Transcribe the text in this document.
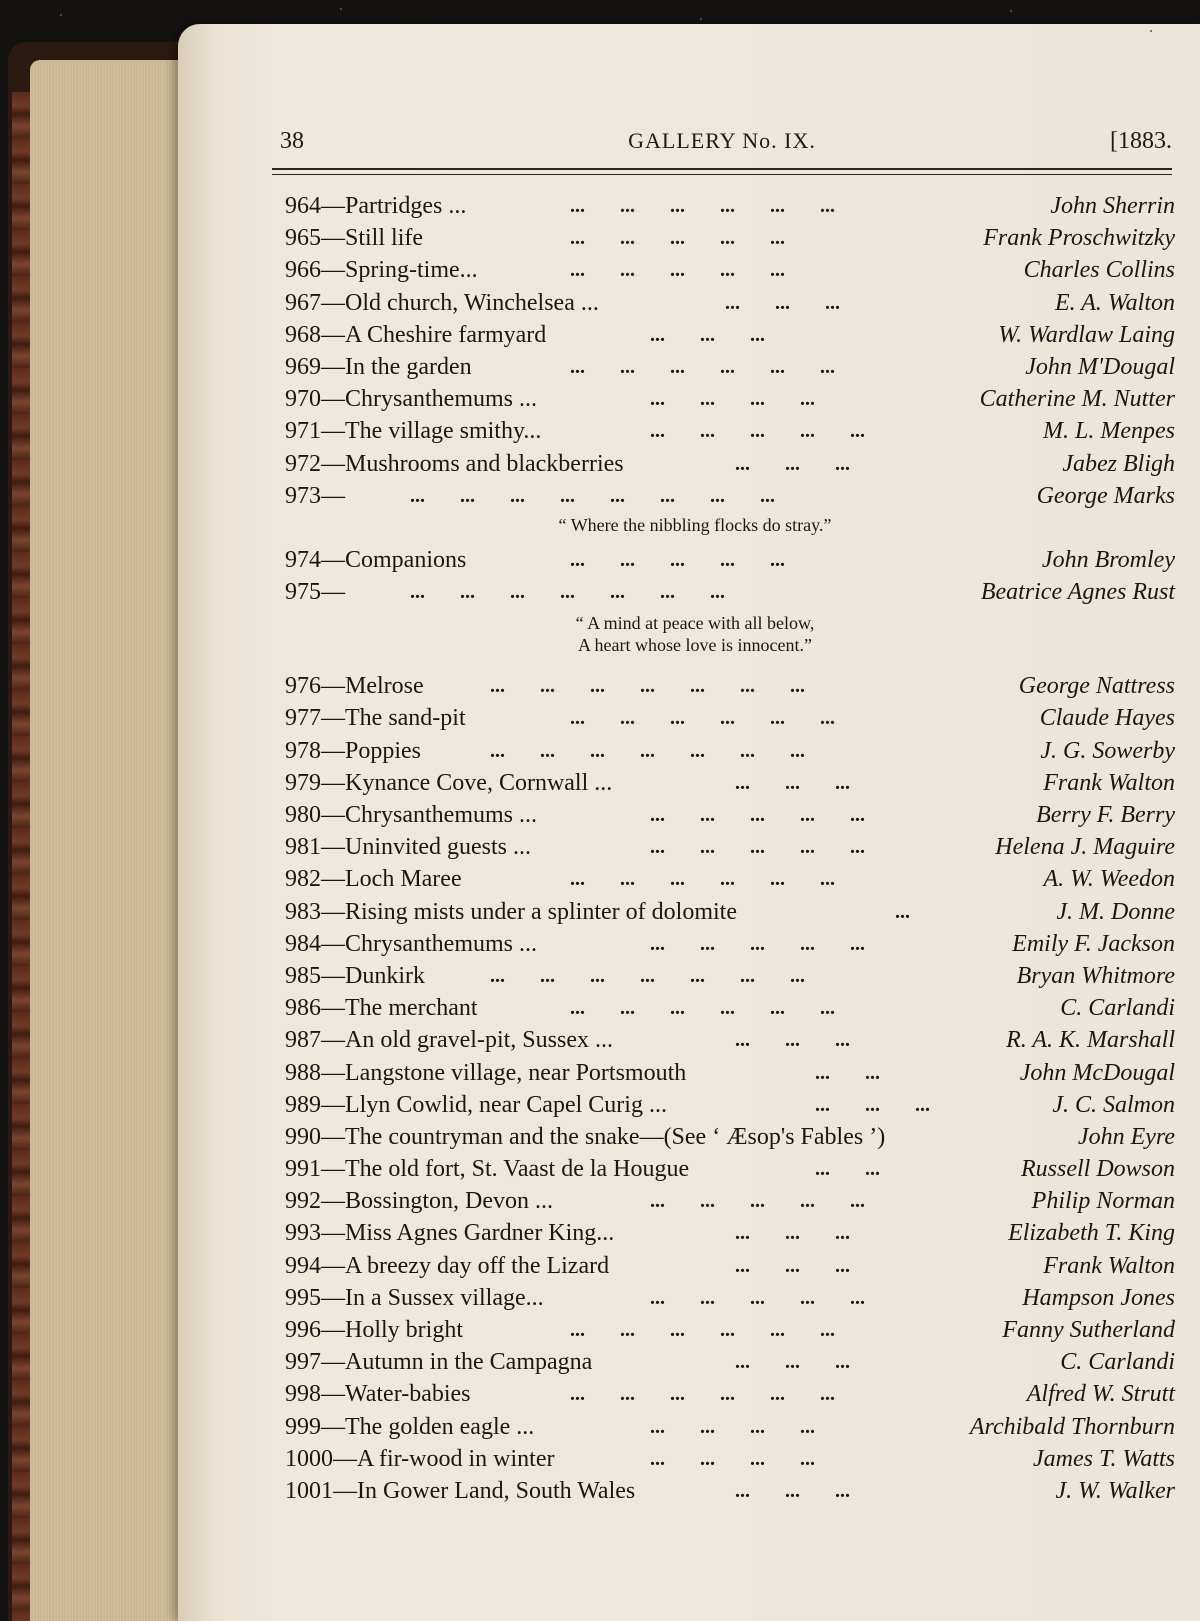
38	GALLERY No. IX.	[1883.
964—Partridges ...	...       ...       ...       ...       ...       ...	John Sherrin
965—Still life	...       ...       ...       ...       ...	Frank Proschwitzky
966—Spring-time...	...       ...       ...       ...       ...	Charles Collins
967—Old church, Winchelsea ...	...       ...       ...	E. A. Walton
968—A Cheshire farmyard	...       ...       ...	W. Wardlaw Laing
969—In the garden	...       ...       ...       ...       ...       ...	John M'Dougal
970—Chrysanthemums ...	...       ...       ...       ...	Catherine M. Nutter
971—The village smithy...	...       ...       ...       ...       ...	M. L. Menpes
972—Mushrooms and blackberries	...       ...       ...	Jabez Bligh
973—	...       ...       ...       ...       ...       ...       ...       ...	George Marks
“ Where the nibbling flocks do stray.”
974—Companions	...       ...       ...       ...       ...	John Bromley
975—	...       ...       ...       ...       ...       ...       ...	Beatrice Agnes Rust
“ A mind at peace with all below,
A heart whose love is innocent.”
976—Melrose	...       ...       ...       ...       ...       ...       ...	George Nattress
977—The sand-pit	...       ...       ...       ...       ...       ...	Claude Hayes
978—Poppies	...       ...       ...       ...       ...       ...       ...	J. G. Sowerby
979—Kynance Cove, Cornwall ...	...       ...       ...	Frank Walton
980—Chrysanthemums ...	...       ...       ...       ...       ...	Berry F. Berry
981—Uninvited guests ...	...       ...       ...       ...       ...	Helena J. Maguire
982—Loch Maree	...       ...       ...       ...       ...       ...	A. W. Weedon
983—Rising mists under a splinter of dolomite	...	J. M. Donne
984—Chrysanthemums ...	...       ...       ...       ...       ...	Emily F. Jackson
985—Dunkirk	...       ...       ...       ...       ...       ...       ...	Bryan Whitmore
986—The merchant	...       ...       ...       ...       ...       ...	C. Carlandi
987—An old gravel-pit, Sussex ...	...       ...       ...	R. A. K. Marshall
988—Langstone village, near Portsmouth	...       ...	John McDougal
989—Llyn Cowlid, near Capel Curig ...	...       ...       ...	J. C. Salmon
990—The countryman and the snake—(See ‘ Æsop's Fables ’)	John Eyre
991—The old fort, St. Vaast de la Hougue	...       ...	Russell Dowson
992—Bossington, Devon ...	...       ...       ...       ...       ...	Philip Norman
993—Miss Agnes Gardner King...	...       ...       ...	Elizabeth T. King
994—A breezy day off the Lizard	...       ...       ...	Frank Walton
995—In a Sussex village...	...       ...       ...       ...       ...	Hampson Jones
996—Holly bright	...       ...       ...       ...       ...       ...	Fanny Sutherland
997—Autumn in the Campagna	...       ...       ...	C. Carlandi
998—Water-babies	...       ...       ...       ...       ...       ...	Alfred W. Strutt
999—The golden eagle ...	...       ...       ...       ...	Archibald Thornburn
1000—A fir-wood in winter	...       ...       ...       ...	James T. Watts
1001—In Gower Land, South Wales	...       ...       ...	J. W. Walker
